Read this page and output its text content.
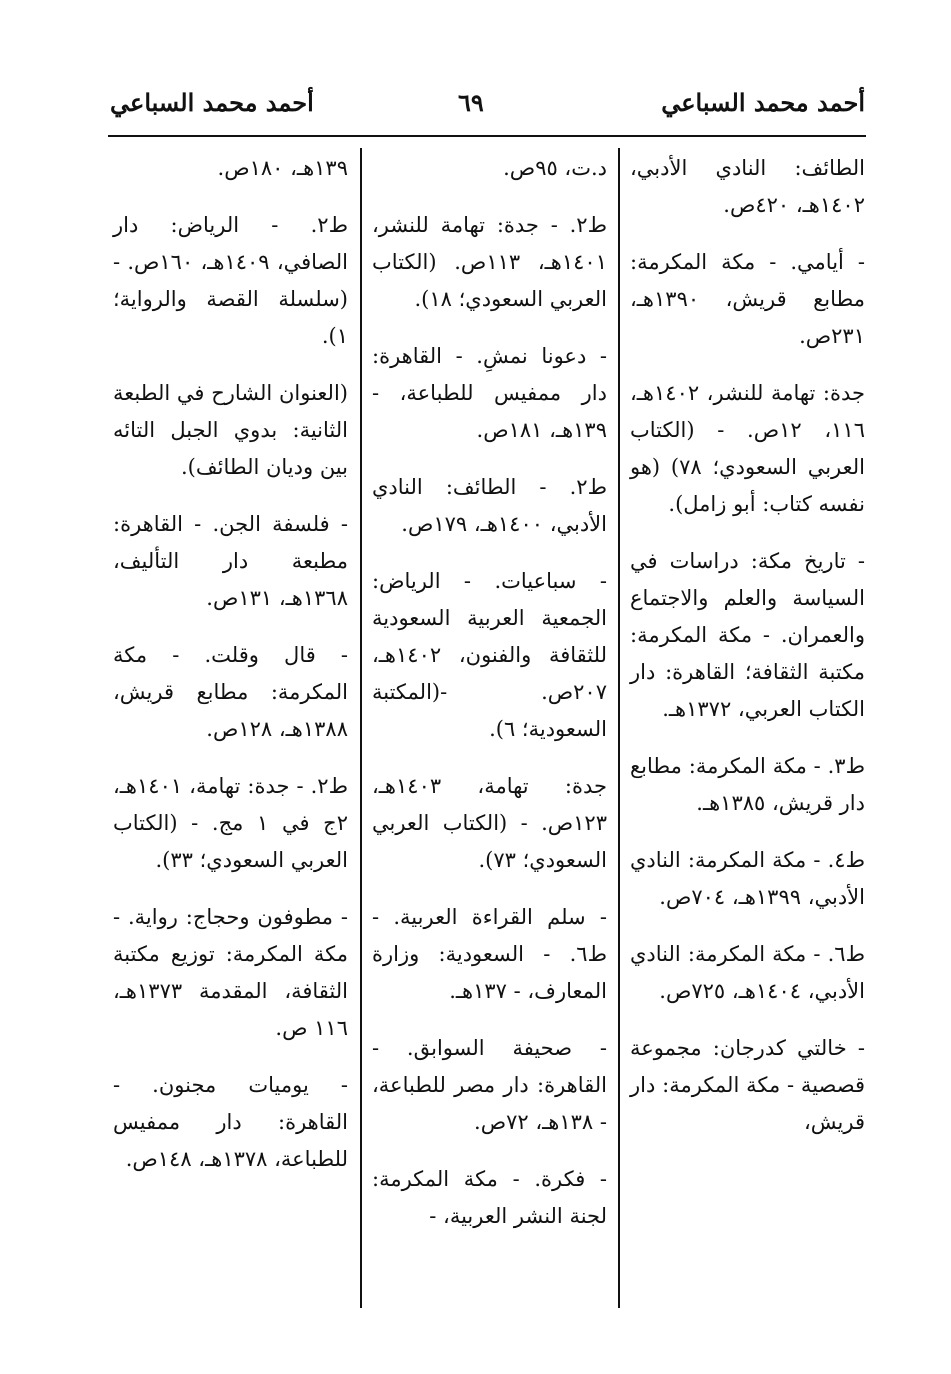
أحمد محمد السباعي
٦٩
أحمد محمد السباعي

الطائف: النادي الأدبي، ١٤٠٢هـ، ٤٢٠ص.

- أيامي. - مكة المكرمة: مطابع قريش، ١٣٩٠هـ، ٢٣١ص.

جدة: تهامة للنشر، ١٤٠٢هـ، ١١٦، ١٢ص. - (الكتاب العربي السعودي؛ ٧٨) (هو نفسه كتاب: أبو زامل).

- تاريخ مكة: دراسات في السياسة والعلم والاجتماع والعمران. - مكة المكرمة: مكتبة الثقافة؛ القاهرة: دار الكتاب العربي، ١٣٧٢هـ.

ط٣. - مكة المكرمة: مطابع دار قريش، ١٣٨٥هـ.

ط٤. - مكة المكرمة: النادي الأدبي، ١٣٩٩هـ، ٧٠٤ص.

ط٦. - مكة المكرمة: النادي الأدبي، ١٤٠٤هـ، ٧٢٥ص.

- خالتي كدرجان: مجموعة قصصية - مكة المكرمة: دار قريش،

د.ت، ٩٥ص.

ط٢. - جدة: تهامة للنشر، ١٤٠١هـ، ١١٣ص. (الكتاب العربي السعودي؛ ١٨).

- دعونا نمشِ. - القاهرة: دار ممفيس للطباعة، - ١٣٩هـ، ١٨١ص.

ط٢. - الطائف: النادي الأدبي، ١٤٠٠هـ، ١٧٩ص.

- سباعيات. - الرياض: الجمعية العربية السعودية للثقافة والفنون، ١٤٠٢هـ، ٢٠٧ص. -(المكتبة السعودية؛ ٦).

جدة: تهامة، ١٤٠٣هـ، ١٢٣ص. - (الكتاب العربي السعودي؛ ٧٣).

- سلم القراءة العربية. - ط٦. - السعودية: وزارة المعارف، - ١٣٧هـ.

- صحيفة السوابق. - القاهرة: دار مصر للطباعة، - ١٣٨هـ، ٧٢ص.

- فكرة. - مكة المكرمة: لجنة النشر العربية، -

١٣٩هـ، ١٨٠ص.

ط٢. - الرياض: دار الصافي، ١٤٠٩هـ، ١٦٠ص. -(سلسلة القصة والرواية؛ ١).

(العنوان الشارح في الطبعة الثانية: بدوي الجبل التائه بين وديان الطائف).

- فلسفة الجن. - القاهرة: مطبعة دار التأليف، ١٣٦٨هـ، ١٣١ص.

- قال وقلت. - مكة المكرمة: مطابع قريش، ١٣٨٨هـ، ١٢٨ص.

ط٢. - جدة: تهامة، ١٤٠١هـ، ٢ج في ١ مج. - (الكتاب العربي السعودي؛ ٣٣).

- مطوفون وحجاج: رواية. - مكة المكرمة: توزيع مكتبة الثقافة، المقدمة ١٣٧٣هـ، ١١٦ ص.

- يوميات مجنون. - القاهرة: دار ممفيس للطباعة، ١٣٧٨هـ، ١٤٨ص.
